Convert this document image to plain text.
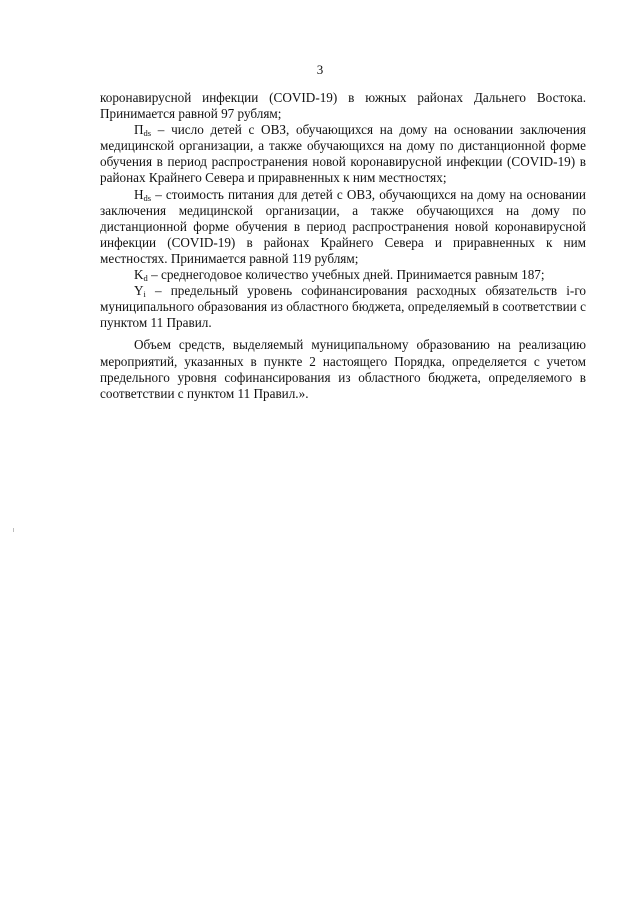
3

коронавирусной инфекции (COVID-19) в южных районах Дальнего Востока. Принимается равной 97 рублям;

$П_{ds}$ – число детей с ОВЗ, обучающихся на дому на основании заключения медицинской организации, а также обучающихся на дому по дистанционной форме обучения в период распространения новой коронавирусной инфекции (COVID-19) в районах Крайнего Севера и приравненных к ним местностях;

$Н_{ds}$ – стоимость питания для детей с ОВЗ, обучающихся на дому на основании заключения медицинской организации, а также обучающихся на дому по дистанционной форме обучения в период распространения новой коронавирусной инфекции (COVID-19) в районах Крайнего Севера и приравненных к ним местностях. Принимается равной 119 рублям;

$K_d$ – среднегодовое количество учебных дней. Принимается равным 187;

$Y_i$ – предельный уровень софинансирования расходных обязательств i-го муниципального образования из областного бюджета, определяемый в соответствии с пунктом 11 Правил.

Объем средств, выделяемый муниципальному образованию на реализацию мероприятий, указанных в пункте 2 настоящего Порядка, определяется с учетом предельного уровня софинансирования из областного бюджета, определяемого в соответствии с пунктом 11 Правил.».
